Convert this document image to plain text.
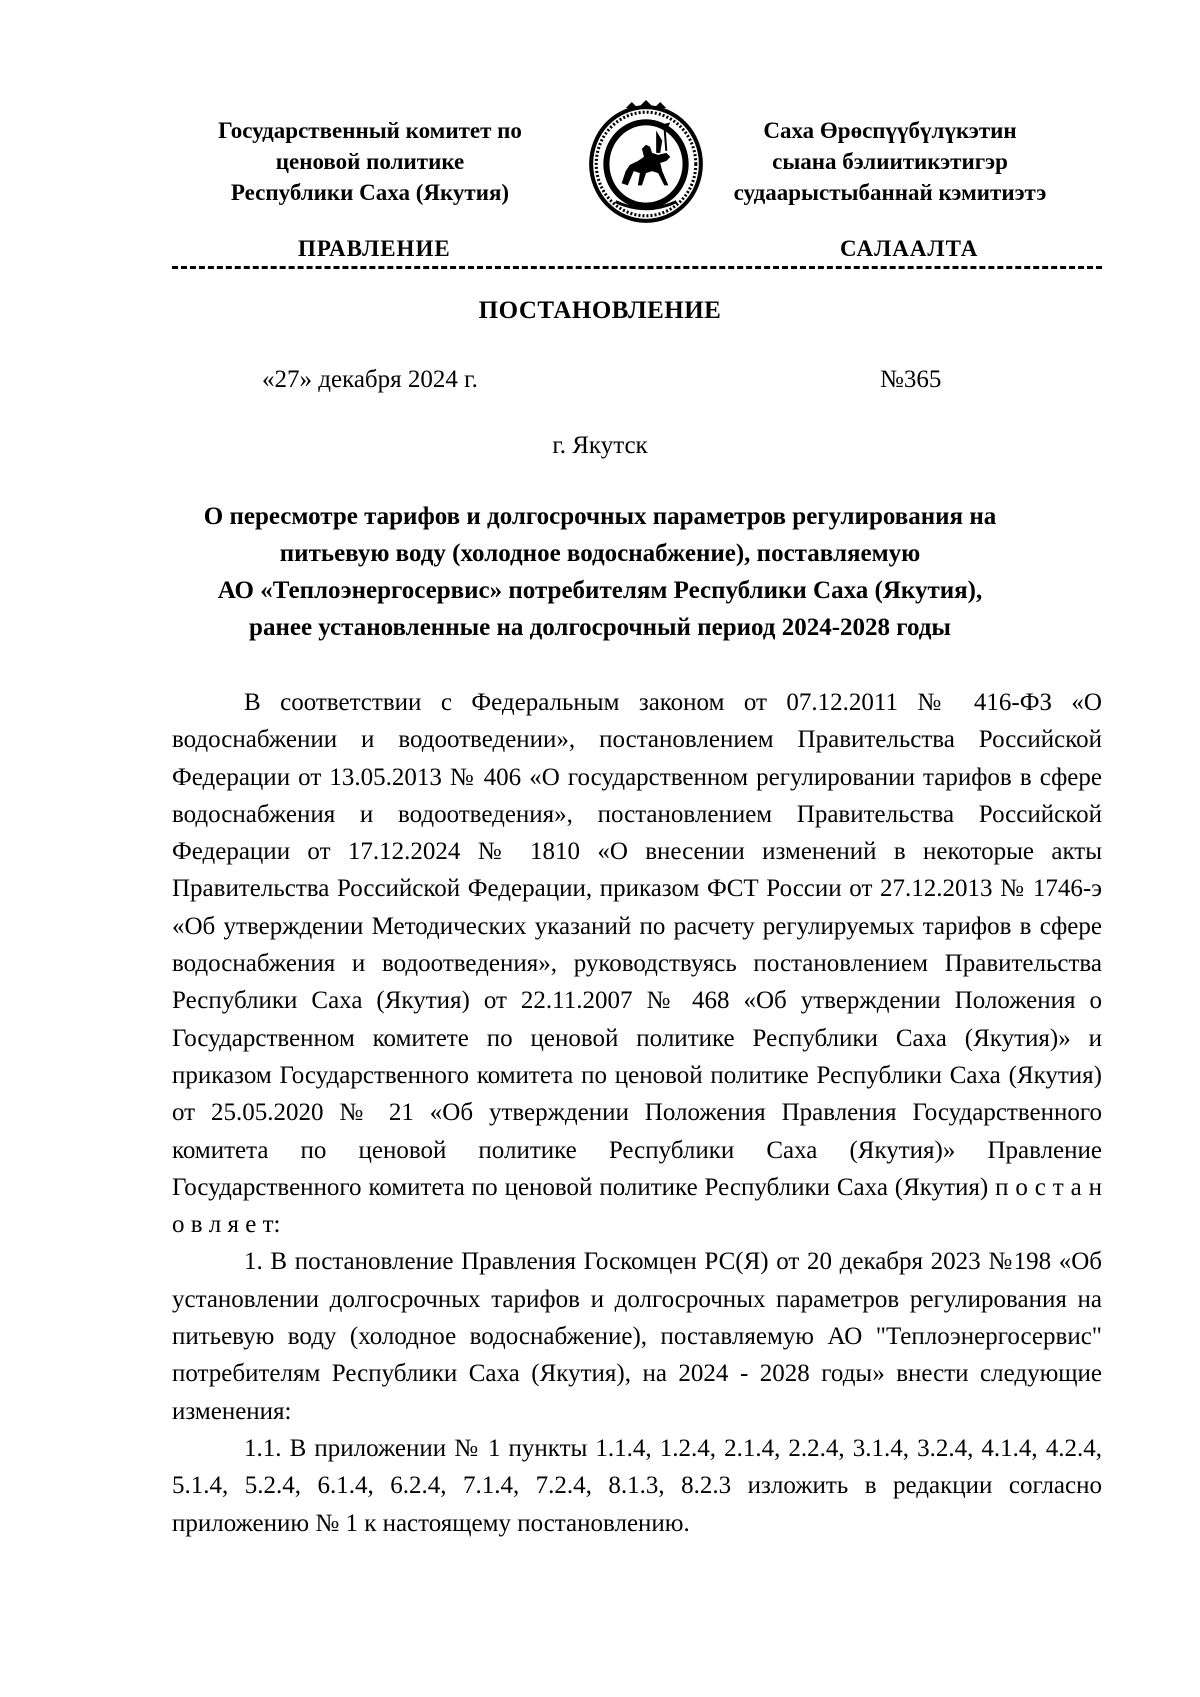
Государственный комитет по
ценовой политике
Республики Саха (Якутия)
Саха Өрөспүүбүлүкэтин
сыана бэлиитикэтигэр
судаарыстыбаннай кэмитиэтэ
ПРАВЛЕНИЕ	САЛААЛТА
ПОСТАНОВЛЕНИЕ
«27» декабря 2024 г.	№365
г. Якутск
О пересмотре тарифов и долгосрочных параметров регулирования на
питьевую воду (холодное водоснабжение), поставляемую
АО «Теплоэнергосервис» потребителям Республики Саха (Якутия),
ранее установленные на долгосрочный период 2024-2028 годы

В соответствии с Федеральным законом от 07.12.2011 № 416-ФЗ «О водоснабжении и водоотведении», постановлением Правительства Российской Федерации от 13.05.2013 № 406 «О государственном регулировании тарифов в сфере водоснабжения и водоотведения», постановлением Правительства Российской Федерации от 17.12.2024 № 1810 «О внесении изменений в некоторые акты Правительства Российской Федерации, приказом ФСТ России от 27.12.2013 № 1746-э «Об утверждении Методических указаний по расчету регулируемых тарифов в сфере водоснабжения и водоотведения», руководствуясь постановлением Правительства Республики Саха (Якутия) от 22.11.2007 № 468 «Об утверждении Положения о Государственном комитете по ценовой политике Республики Саха (Якутия)» и приказом Государственного комитета по ценовой политике Республики Саха (Якутия) от 25.05.2020 № 21 «Об утверждении Положения Правления Государственного комитета по ценовой политике Республики Саха (Якутия)» Правление Государственного комитета по ценовой политике Республики Саха (Якутия) п о с т а н о в л я е т:

1. В постановление Правления Госкомцен РС(Я) от 20 декабря 2023 №198 «Об установлении долгосрочных тарифов и долгосрочных параметров регулирования на питьевую воду (холодное водоснабжение), поставляемую АО "Теплоэнергосервис" потребителям Республики Саха (Якутия), на 2024 - 2028 годы» внести следующие изменения:

1.1. В приложении № 1 пункты 1.1.4, 1.2.4, 2.1.4, 2.2.4, 3.1.4, 3.2.4, 4.1.4, 4.2.4, 5.1.4, 5.2.4, 6.1.4, 6.2.4, 7.1.4, 7.2.4, 8.1.3, 8.2.3 изложить в редакции согласно приложению № 1 к настоящему постановлению.
